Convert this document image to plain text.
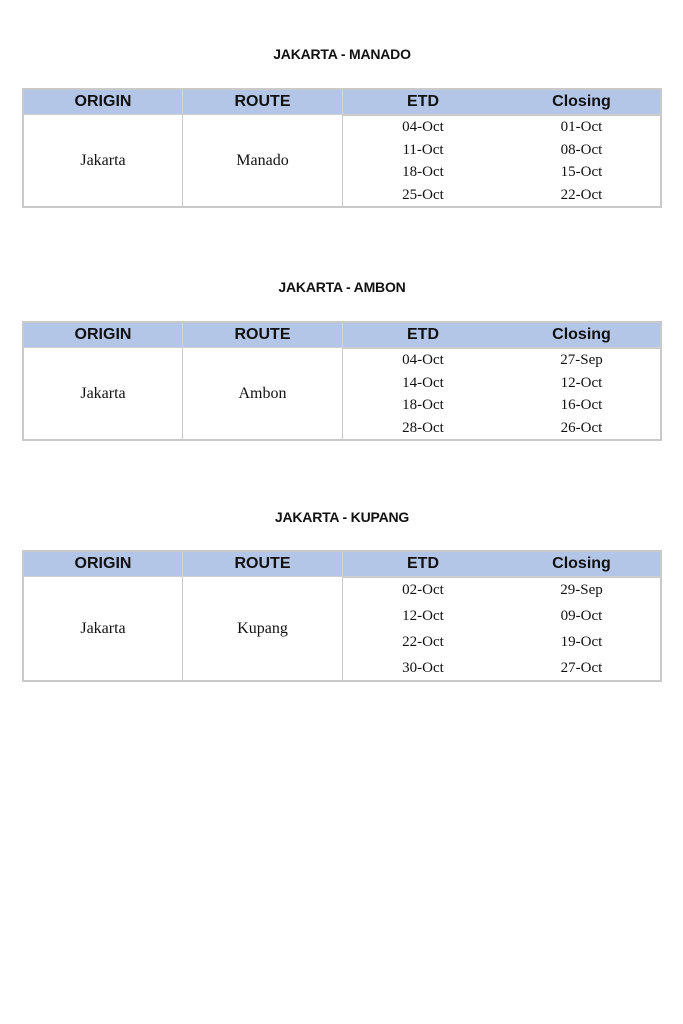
JAKARTA - MANADO
ORIGIN	ROUTE	ETD	Closing
Jakarta	Manado
04-Oct	01-Oct
11-Oct	08-Oct
18-Oct	15-Oct
25-Oct	22-Oct
JAKARTA - AMBON
ORIGIN	ROUTE	ETD	Closing
Jakarta	Ambon
04-Oct	27-Sep
14-Oct	12-Oct
18-Oct	16-Oct
28-Oct	26-Oct
JAKARTA - KUPANG
ORIGIN	ROUTE	ETD	Closing
Jakarta	Kupang
02-Oct	29-Sep
12-Oct	09-Oct
22-Oct	19-Oct
30-Oct	27-Oct
